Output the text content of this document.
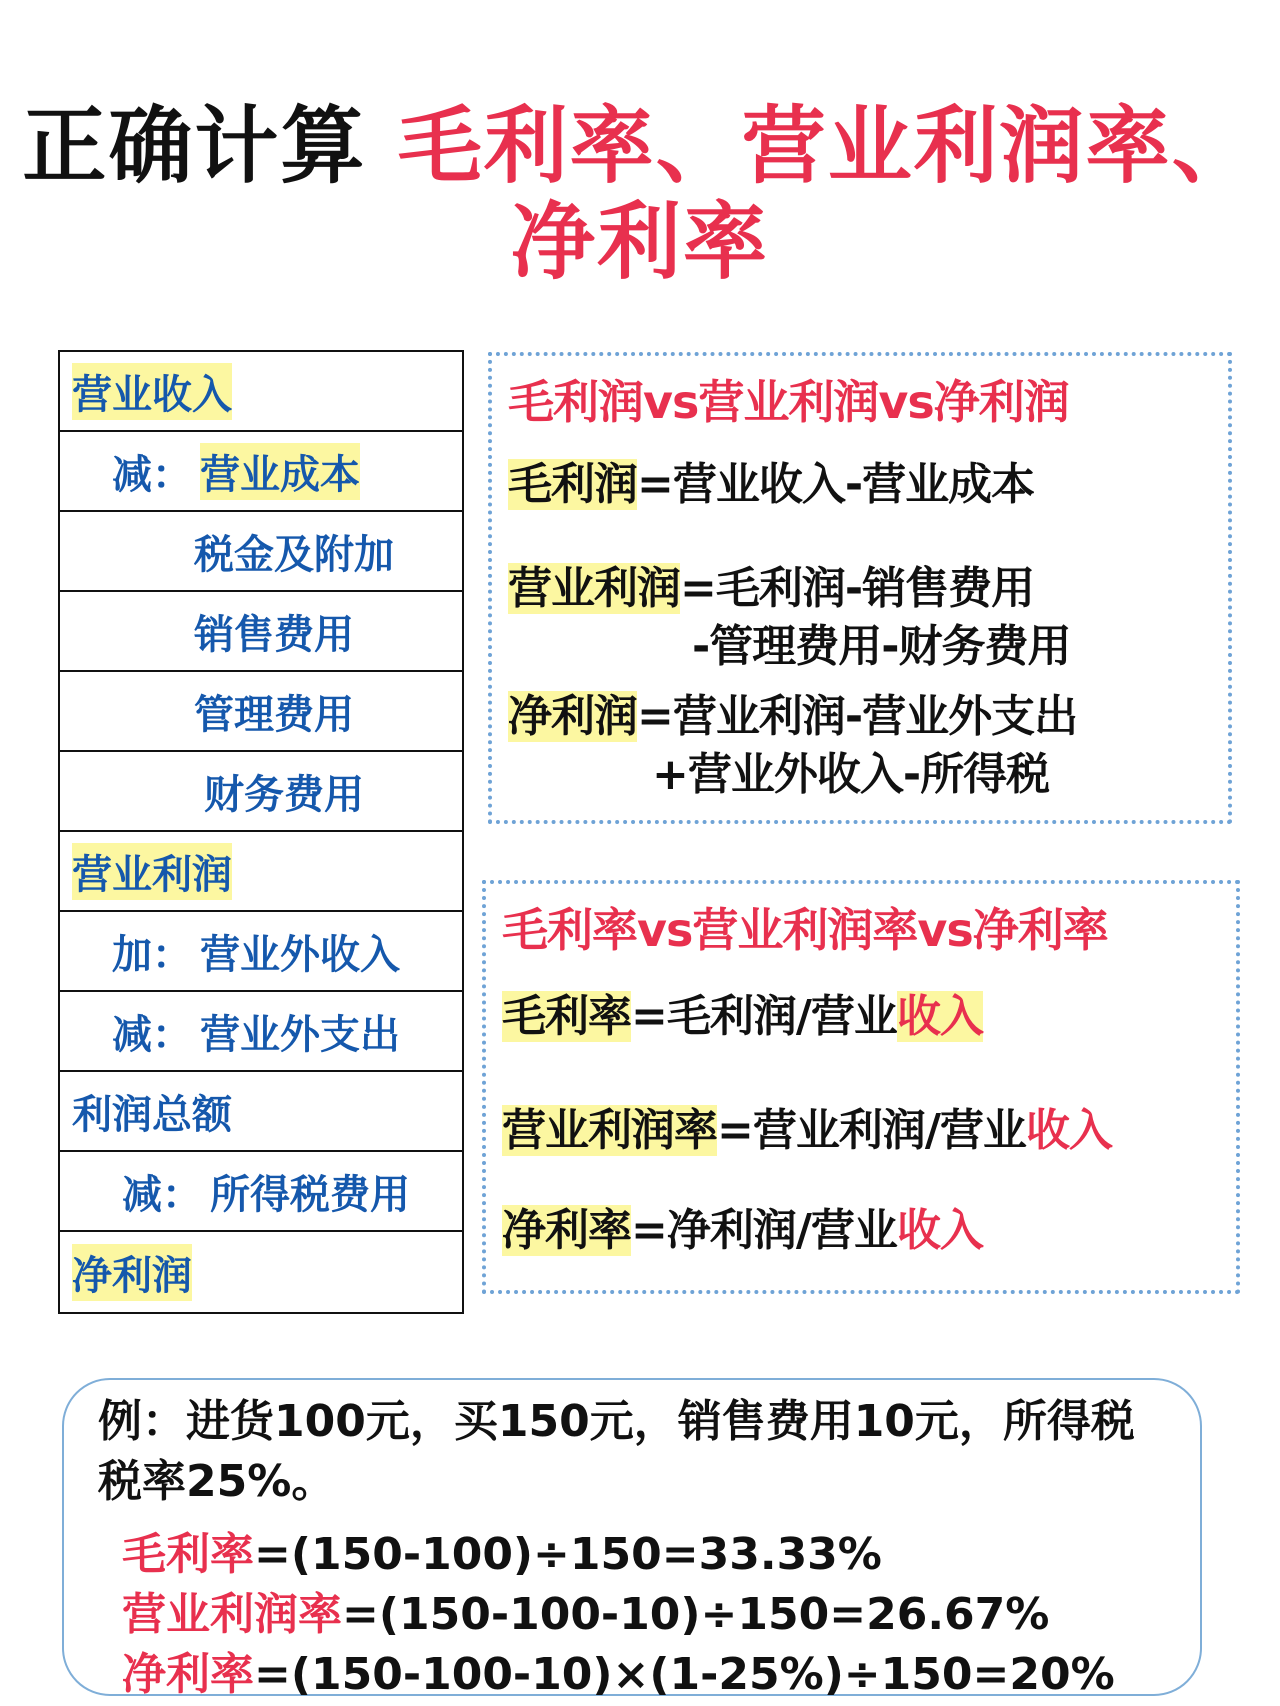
正确计算 毛利率、营业利润率、
净利率
营业收入
减： 营业成本
税金及附加
销售费用
管理费用
财务费用
营业利润
加： 营业外收入
减： 营业外支出
利润总额
减： 所得税费用
净利润
毛利润vs营业利润vs净利润
毛利润=营业收入-营业成本
营业利润=毛利润-销售费用
-管理费用-财务费用
净利润=营业利润-营业外支出
+营业外收入-所得税
毛利率vs营业利润率vs净利率
毛利率=毛利润/营业收入
营业利润率=营业利润/营业收入
净利率=净利润/营业收入
例：进货100元，买150元，销售费用10元，所得税税率25%。
毛利率=(150-100)÷150=33.33%
营业利润率=(150-100-10)÷150=26.67%
净利率=(150-100-10)×(1-25%)÷150=20%
